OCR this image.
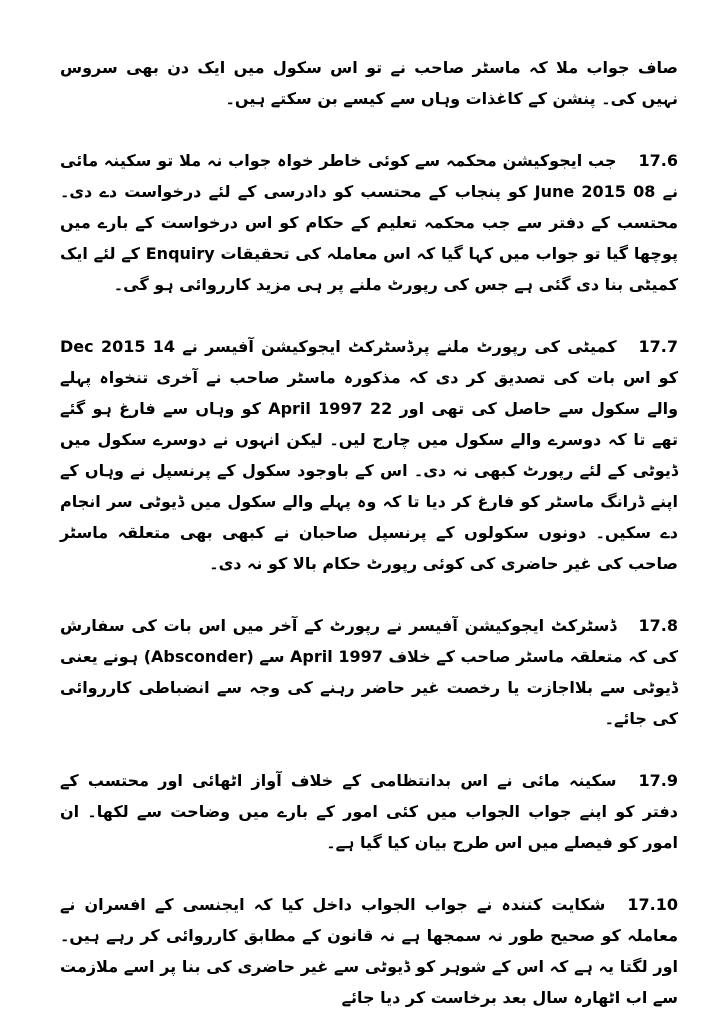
صاف جواب ملا کہ ماسٹر صاحب نے تو اس سکول میں ایک دن بھی سروس نہیں کی۔ پنشن کے کاغذات وہاں سے کیسے بن سکتے ہیں۔

17.6جب ایجوکیشن محکمہ سے کوئی خاطر خواہ جواب نہ ملا تو سکینہ مائی نے 08 June 2015 کو پنجاب کے محتسب کو دادرسی کے لئے درخواست دے دی۔ محتسب کے دفتر سے جب محکمہ تعلیم کے حکام کو اس درخواست کے بارے میں پوچھا گیا تو جواب میں کہا گیا کہ اس معاملہ کی تحقیقات Enquiry کے لئے ایک کمیٹی بنا دی گئی ہے جس کی رپورٹ ملنے پر ہی مزید کارروائی ہو گی۔

17.7کمیٹی کی رپورٹ ملنے پرڈسٹرکٹ ایجوکیشن آفیسر نے 14 Dec 2015 کو اس بات کی تصدیق کر دی کہ مذکورہ ماسٹر صاحب نے آخری تنخواہ پہلے والے سکول سے حاصل کی تھی اور 22 April 1997 کو وہاں سے فارغ ہو گئے تھے تا کہ دوسرے والے سکول میں چارج لیں۔ لیکن انہوں نے دوسرے سکول میں ڈیوٹی کے لئے رپورٹ کبھی نہ دی۔ اس کے باوجود سکول کے پرنسپل نے وہاں کے اپنے ڈرانگ ماسٹر کو فارغ کر دیا تا کہ وہ پہلے والے سکول میں ڈیوٹی سر انجام دے سکیں۔ دونوں سکولوں کے پرنسپل صاحبان نے کبھی بھی متعلقہ ماسٹر صاحب کی غیر حاضری کی کوئی رپورٹ حکام بالا کو نہ دی۔

17.8ڈسٹرکٹ ایجوکیشن آفیسر نے رپورٹ کے آخر میں اس بات کی سفارش کی کہ متعلقہ ماسٹر صاحب کے خلاف April 1997 سے (Absconder) ہونے یعنی ڈیوٹی سے بلااجازت یا رخصت غیر حاضر رہنے کی وجہ سے انضباطی کارروائی کی جائے۔

17.9سکینہ مائی نے اس بدانتظامی کے خلاف آواز اٹھائی اور محتسب کے دفتر کو اپنے جواب الجواب میں کئی امور کے بارے میں وضاحت سے لکھا۔ ان امور کو فیصلے میں اس طرح بیان کیا گیا ہے۔

17.10شکایت کنندہ نے جواب الجواب داخل کیا کہ ایجنسی کے افسران نے معاملہ کو صحیح طور نہ سمجھا ہے نہ قانون کے مطابق کارروائی کر رہے ہیں۔ اور لگتا یہ ہے کہ اس کے شوہر کو ڈیوٹی سے غیر حاضری کی بنا پر اسے ملازمت سے اب اٹھارہ سال بعد برخاست کر دیا جائے
